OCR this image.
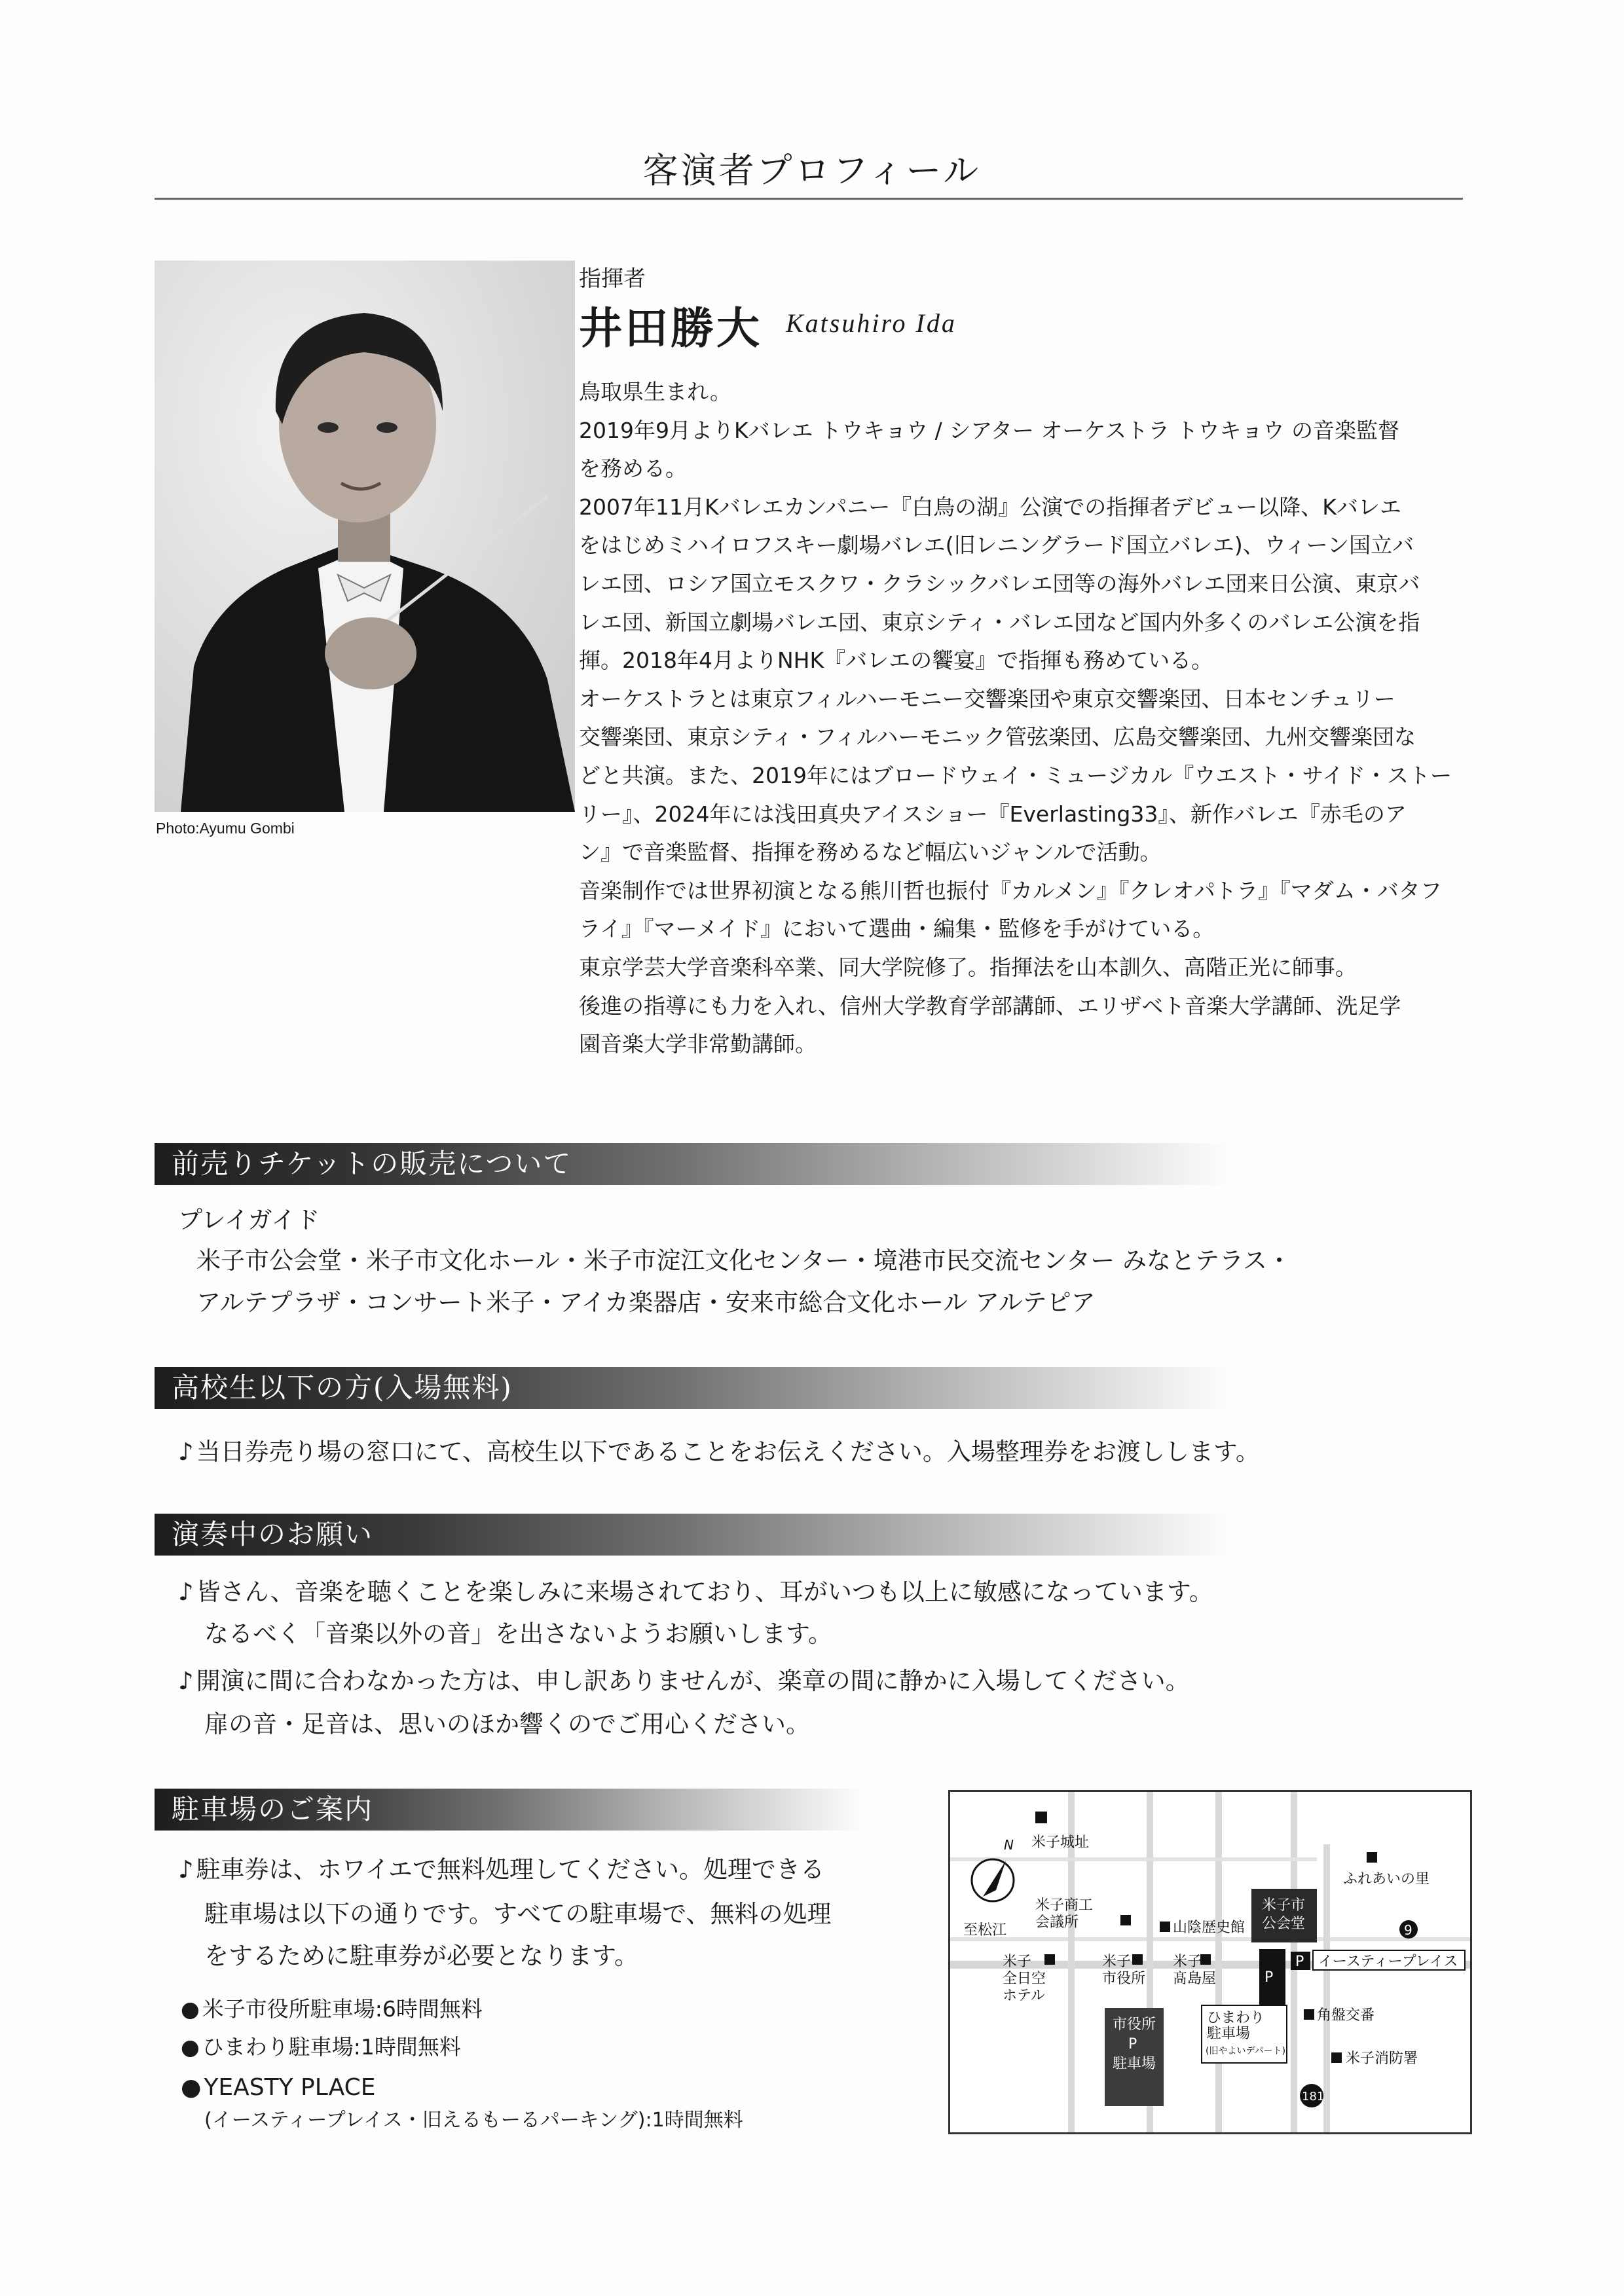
客演者プロフィール
Photo:Ayumu Gombi
指揮者
井田勝大 Katsuhiro Ida
鳥取県生まれ。
2019年9月よりKバレエ トウキョウ / シアター オーケストラ トウキョウ の音楽監督
を務める。
2007年11月Kバレエカンパニー『白鳥の湖』公演での指揮者デビュー以降、Kバレエ
をはじめミハイロフスキー劇場バレエ(旧レニングラード国立バレエ)、ウィーン国立バ
レエ団、ロシア国立モスクワ・クラシックバレエ団等の海外バレエ団来日公演、東京バ
レエ団、新国立劇場バレエ団、東京シティ・バレエ団など国内外多くのバレエ公演を指
揮。2018年4月よりNHK『バレエの饗宴』で指揮も務めている。
オーケストラとは東京フィルハーモニー交響楽団や東京交響楽団、日本センチュリー
交響楽団、東京シティ・フィルハーモニック管弦楽団、広島交響楽団、九州交響楽団な
どと共演。また、2019年にはブロードウェイ・ミュージカル『ウエスト・サイド・ストー
リー』、2024年には浅田真央アイスショー『Everlasting33』、新作バレエ『赤毛のア
ン』で音楽監督、指揮を務めるなど幅広いジャンルで活動。
音楽制作では世界初演となる熊川哲也振付『カルメン』『クレオパトラ』『マダム・バタフ
ライ』『マーメイド』において選曲・編集・監修を手がけている。
東京学芸大学音楽科卒業、同大学院修了。指揮法を山本訓久、高階正光に師事。
後進の指導にも力を入れ、信州大学教育学部講師、エリザベト音楽大学講師、洗足学
園音楽大学非常勤講師。
前売りチケットの販売について
プレイガイド
米子市公会堂・米子市文化ホール・米子市淀江文化センター・境港市民交流センター みなとテラス・
アルテプラザ・コンサート米子・アイカ楽器店・安来市総合文化ホール アルテピア
高校生以下の方(入場無料)
♪ 当日券売り場の窓口にて、高校生以下であることをお伝えください。入場整理券をお渡しします。
演奏中のお願い
♪ 皆さん、音楽を聴くことを楽しみに来場されており、耳がいつも以上に敏感になっています。
なるべく「音楽以外の音」を出さないようお願いします。
♪ 開演に間に合わなかった方は、申し訳ありませんが、楽章の間に静かに入場してください。
扉の音・足音は、思いのほか響くのでご用心ください。
駐車場のご案内
♪ 駐車券は、ホワイエで無料処理してください。処理できる
駐車場は以下の通りです。すべての駐車場で、無料の処理
をするために駐車券が必要となります。
● 米子市役所駐車場:6時間無料
● ひまわり駐車場:1時間無料
● YEASTY PLACE
(イースティープレイス・旧えるもーるパーキング):1時間無料
N 米子城址
ふれあいの里
至松江
米子商工
会議所	山陰歴史館
米子市
公会堂	9
P イースティープレイス
米子
全日空
ホテル
米子
市役所
米子
髙島屋	P
市役所
P
駐車場
ひまわり
駐車場
(旧やよいデパート)
角盤交番
米子消防署
181
